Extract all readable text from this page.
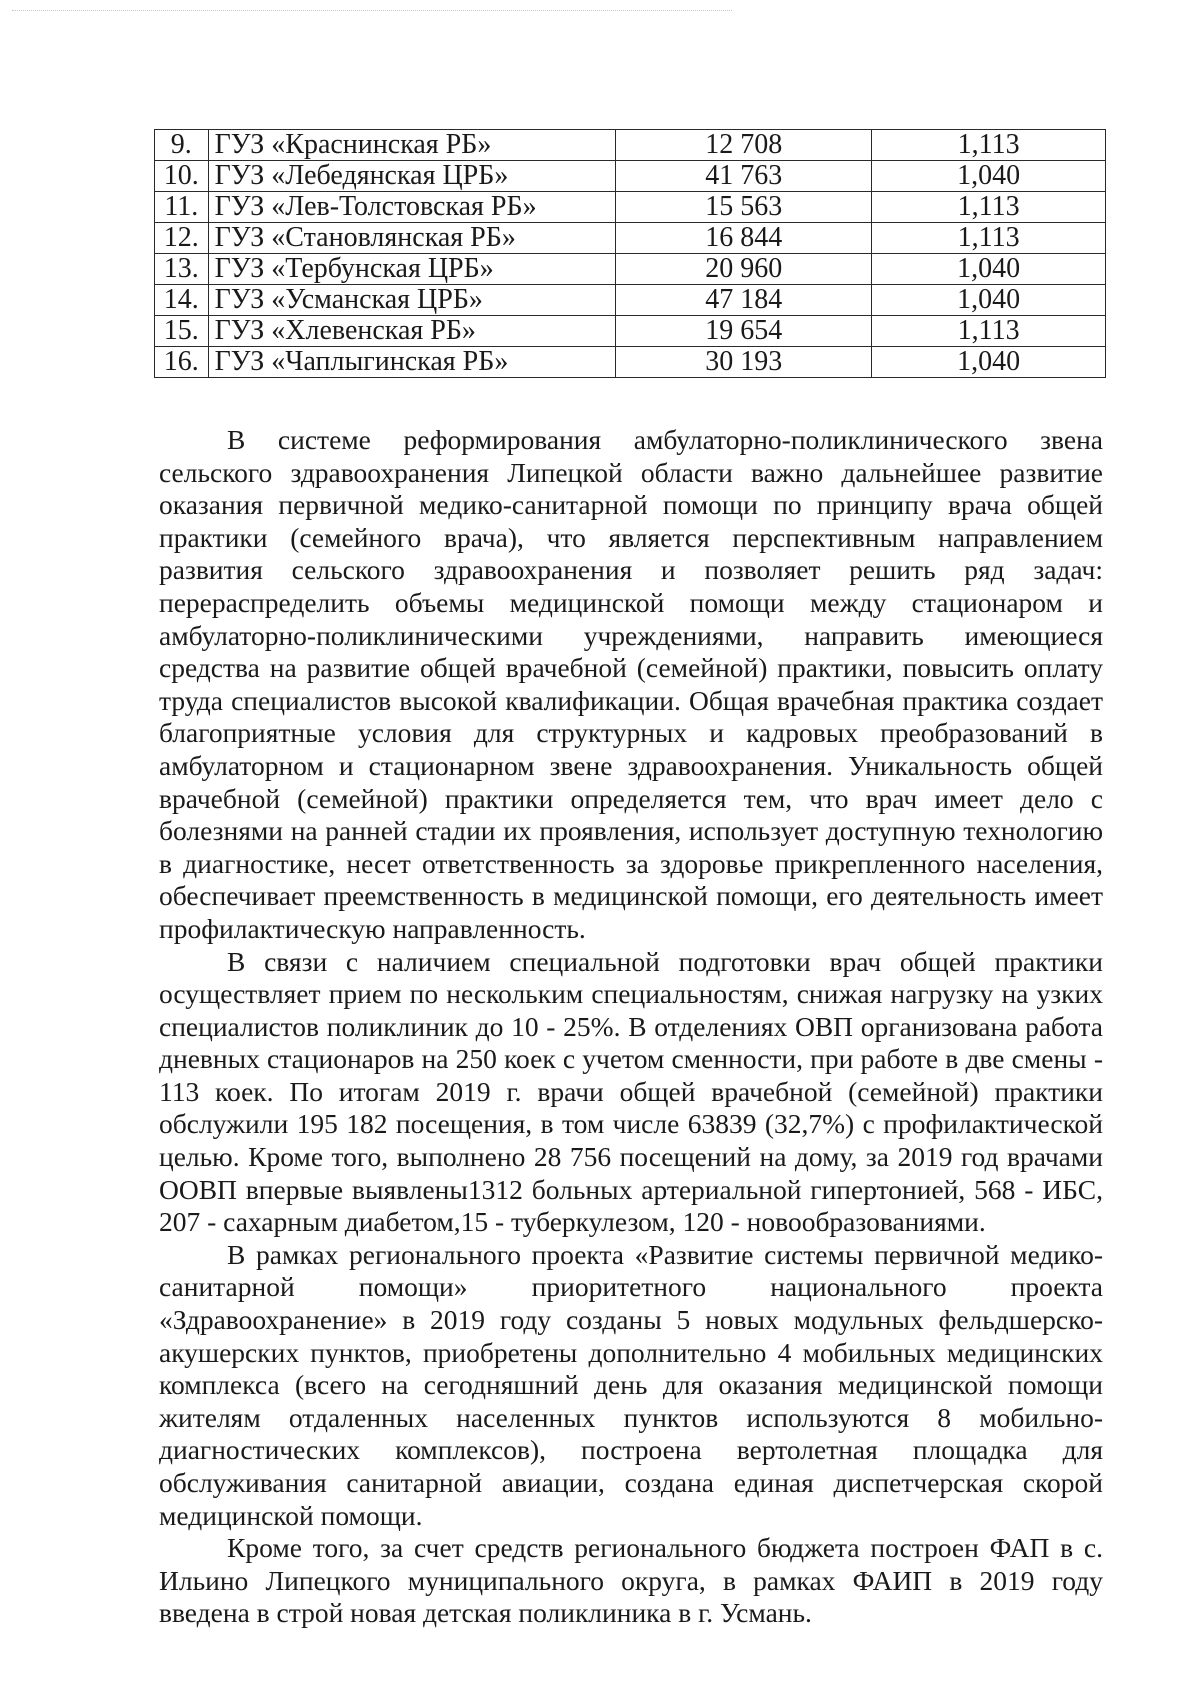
9.	ГУЗ «Краснинская РБ»	12 708	1,113
10.	ГУЗ «Лебедянская ЦРБ»	41 763	1,040
11.	ГУЗ «Лев-Толстовская РБ»	15 563	1,113
12.	ГУЗ «Становлянская РБ»	16 844	1,113
13.	ГУЗ «Тербунская ЦРБ»	20 960	1,040
14.	ГУЗ «Усманская ЦРБ»	47 184	1,040
15.	ГУЗ «Хлевенская РБ»	19 654	1,113
16.	ГУЗ «Чаплыгинская РБ»	30 193	1,040

В системе реформирования амбулаторно-поликлинического звена сельского здравоохранения Липецкой области важно дальнейшее развитие оказания первичной медико-санитарной помощи по принципу врача общей практики (семейного врача), что является перспективным направлением развития сельского здравоохранения и позволяет решить ряд задач: перераспределить объемы медицинской помощи между стационаром и амбулаторно-поликлиническими учреждениями, направить имеющиеся средства на развитие общей врачебной (семейной) практики, повысить оплату труда специалистов высокой квалификации. Общая врачебная практика создает благоприятные условия для структурных и кадровых преобразований в амбулаторном и стационарном звене здравоохранения. Уникальность общей врачебной (семейной) практики определяется тем, что врач имеет дело с болезнями на ранней стадии их проявления, использует доступную технологию в диагностике, несет ответственность за здоровье прикрепленного населения, обеспечивает преемственность в медицинской помощи, его деятельность имеет профилактическую направленность.

В связи с наличием специальной подготовки врач общей практики осуществляет прием по нескольким специальностям, снижая нагрузку на узких специалистов поликлиник до 10 - 25%. В отделениях ОВП организована работа дневных стационаров на 250 коек с учетом сменности, при работе в две смены - 113 коек. По итогам 2019 г. врачи общей врачебной (семейной) практики обслужили 195 182 посещения, в том числе 63839 (32,7%) с профилактической целью. Кроме того, выполнено 28 756 посещений на дому, за 2019 год врачами ООВП впервые выявлены1312 больных артериальной гипертонией, 568 - ИБС, 207 - сахарным диабетом,15 - туберкулезом, 120 - новообразованиями.

В рамках регионального проекта «Развитие системы первичной медико-санитарной помощи» приоритетного национального проекта «Здравоохранение» в 2019 году созданы 5 новых модульных фельдшерско-акушерских пунктов, приобретены дополнительно 4 мобильных медицинских комплекса (всего на сегодняшний день для оказания медицинской помощи жителям отдаленных населенных пунктов используются 8 мобильно-диагностических комплексов), построена вертолетная площадка для обслуживания санитарной авиации, создана единая диспетчерская скорой медицинской помощи.

Кроме того, за счет средств регионального бюджета построен ФАП в с. Ильино Липецкого муниципального округа, в рамках ФАИП в 2019 году введена в строй новая детская поликлиника в г. Усмань.
